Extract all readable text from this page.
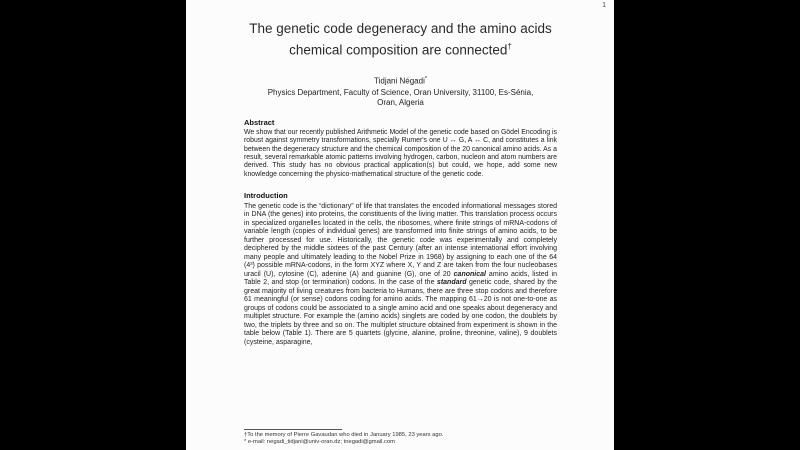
1
The genetic code degeneracy and the amino acids chemical composition are connected†
Tidjani Négadi*
Physics Department, Faculty of Science, Oran University, 31100, Es-Sénia,
Oran, Algeria
Abstract

We show that our recently published Arithmetic Model of the genetic code based on Gödel Encoding is robust against symmetry transformations, specially Rumer's one U ↔ G, A ↔ C, and constitutes a link between the degeneracy structure and the chemical composition of the 20 canonical amino acids. As a result, several remarkable atomic patterns involving hydrogen, carbon, nucleon and atom numbers are derived. This study has no obvious practical application(s) but could, we hope, add some new knowledge concerning the physico-mathematical structure of the genetic code.

Introduction

The genetic code is the “dictionary” of life that translates the encoded informational messages stored in DNA (the genes) into proteins, the constituents of the living matter. This translation process occurs in specialized organelles located in the cells, the ribosomes, where finite strings of mRNA-codons of variable length (copies of individual genes) are transformed into finite strings of amino acids, to be further processed for use. Historically, the genetic code was experimentally and completely deciphered by the middle sixtees of the past Century (after an intense international effort involving many people and ultimately leading to the Nobel Prize in 1968) by assigning to each one of the 64 (4³) possible mRNA-codons, in the form XYZ where X, Y and Z are taken from the four nucleobases uracil (U), cytosine (C), adenine (A) and guanine (G), one of 20 canonical amino acids, listed in Table 2, and stop (or termination) codons. In the case of the standard genetic code, shared by the great majority of living creatures from bacteria to Humans, there are three stop codons and therefore 61 meaningful (or sense) codons coding for amino acids. The mapping 61→20 is not one-to-one as groups of codons could be associated to a single amino acid and one speaks about degeneracy and multiplet structure. For example the (amino acids) singlets are coded by one codon, the doublets by two, the triplets by three and so on. The multiplet structure obtained from experiment is shown in the table below (Table 1). There are 5 quartets (glycine, alanine, proline, threonine, valine), 9 doublets (cysteine, asparagine,

†To the memory of Pierre Gavaudan who died in January 1985, 23 years ago.
* e-mail: negadi_tidjani@univ-oran.dz; tnegadi@gmail.com
